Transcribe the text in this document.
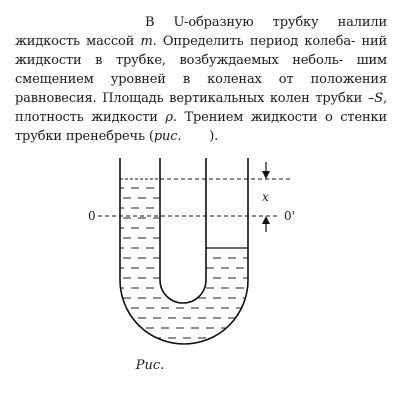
В U-образную трубку налили жидкость массой m. Определить период колеба- ний жидкости в трубке, возбуждаемых неболь- шим смещением уровней в коленах от положения равновесия. Площадь вертикальных колен трубки –S, плотность жидкости ρ. Трением жидкости о стенки трубки пренебречь (рис.       ).

0	0'
x
Рис.
